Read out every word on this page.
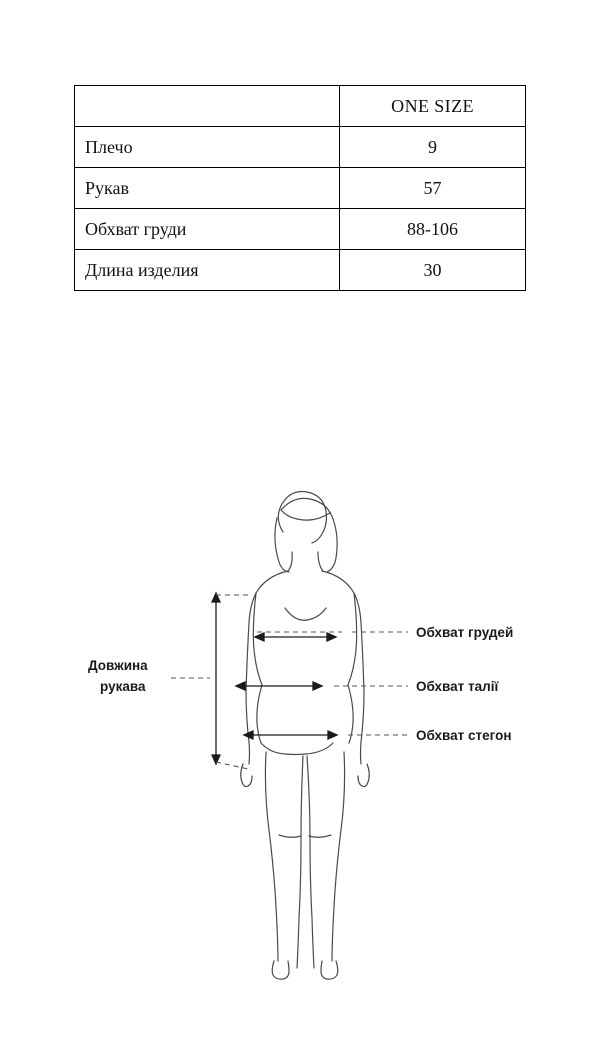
	ONE SIZE
Плечо	9
Рукав	57
Обхват груди	88-106
Длина изделия	30
Довжина
рукава
Обхват грудей
Обхват талії
Обхват стегон
